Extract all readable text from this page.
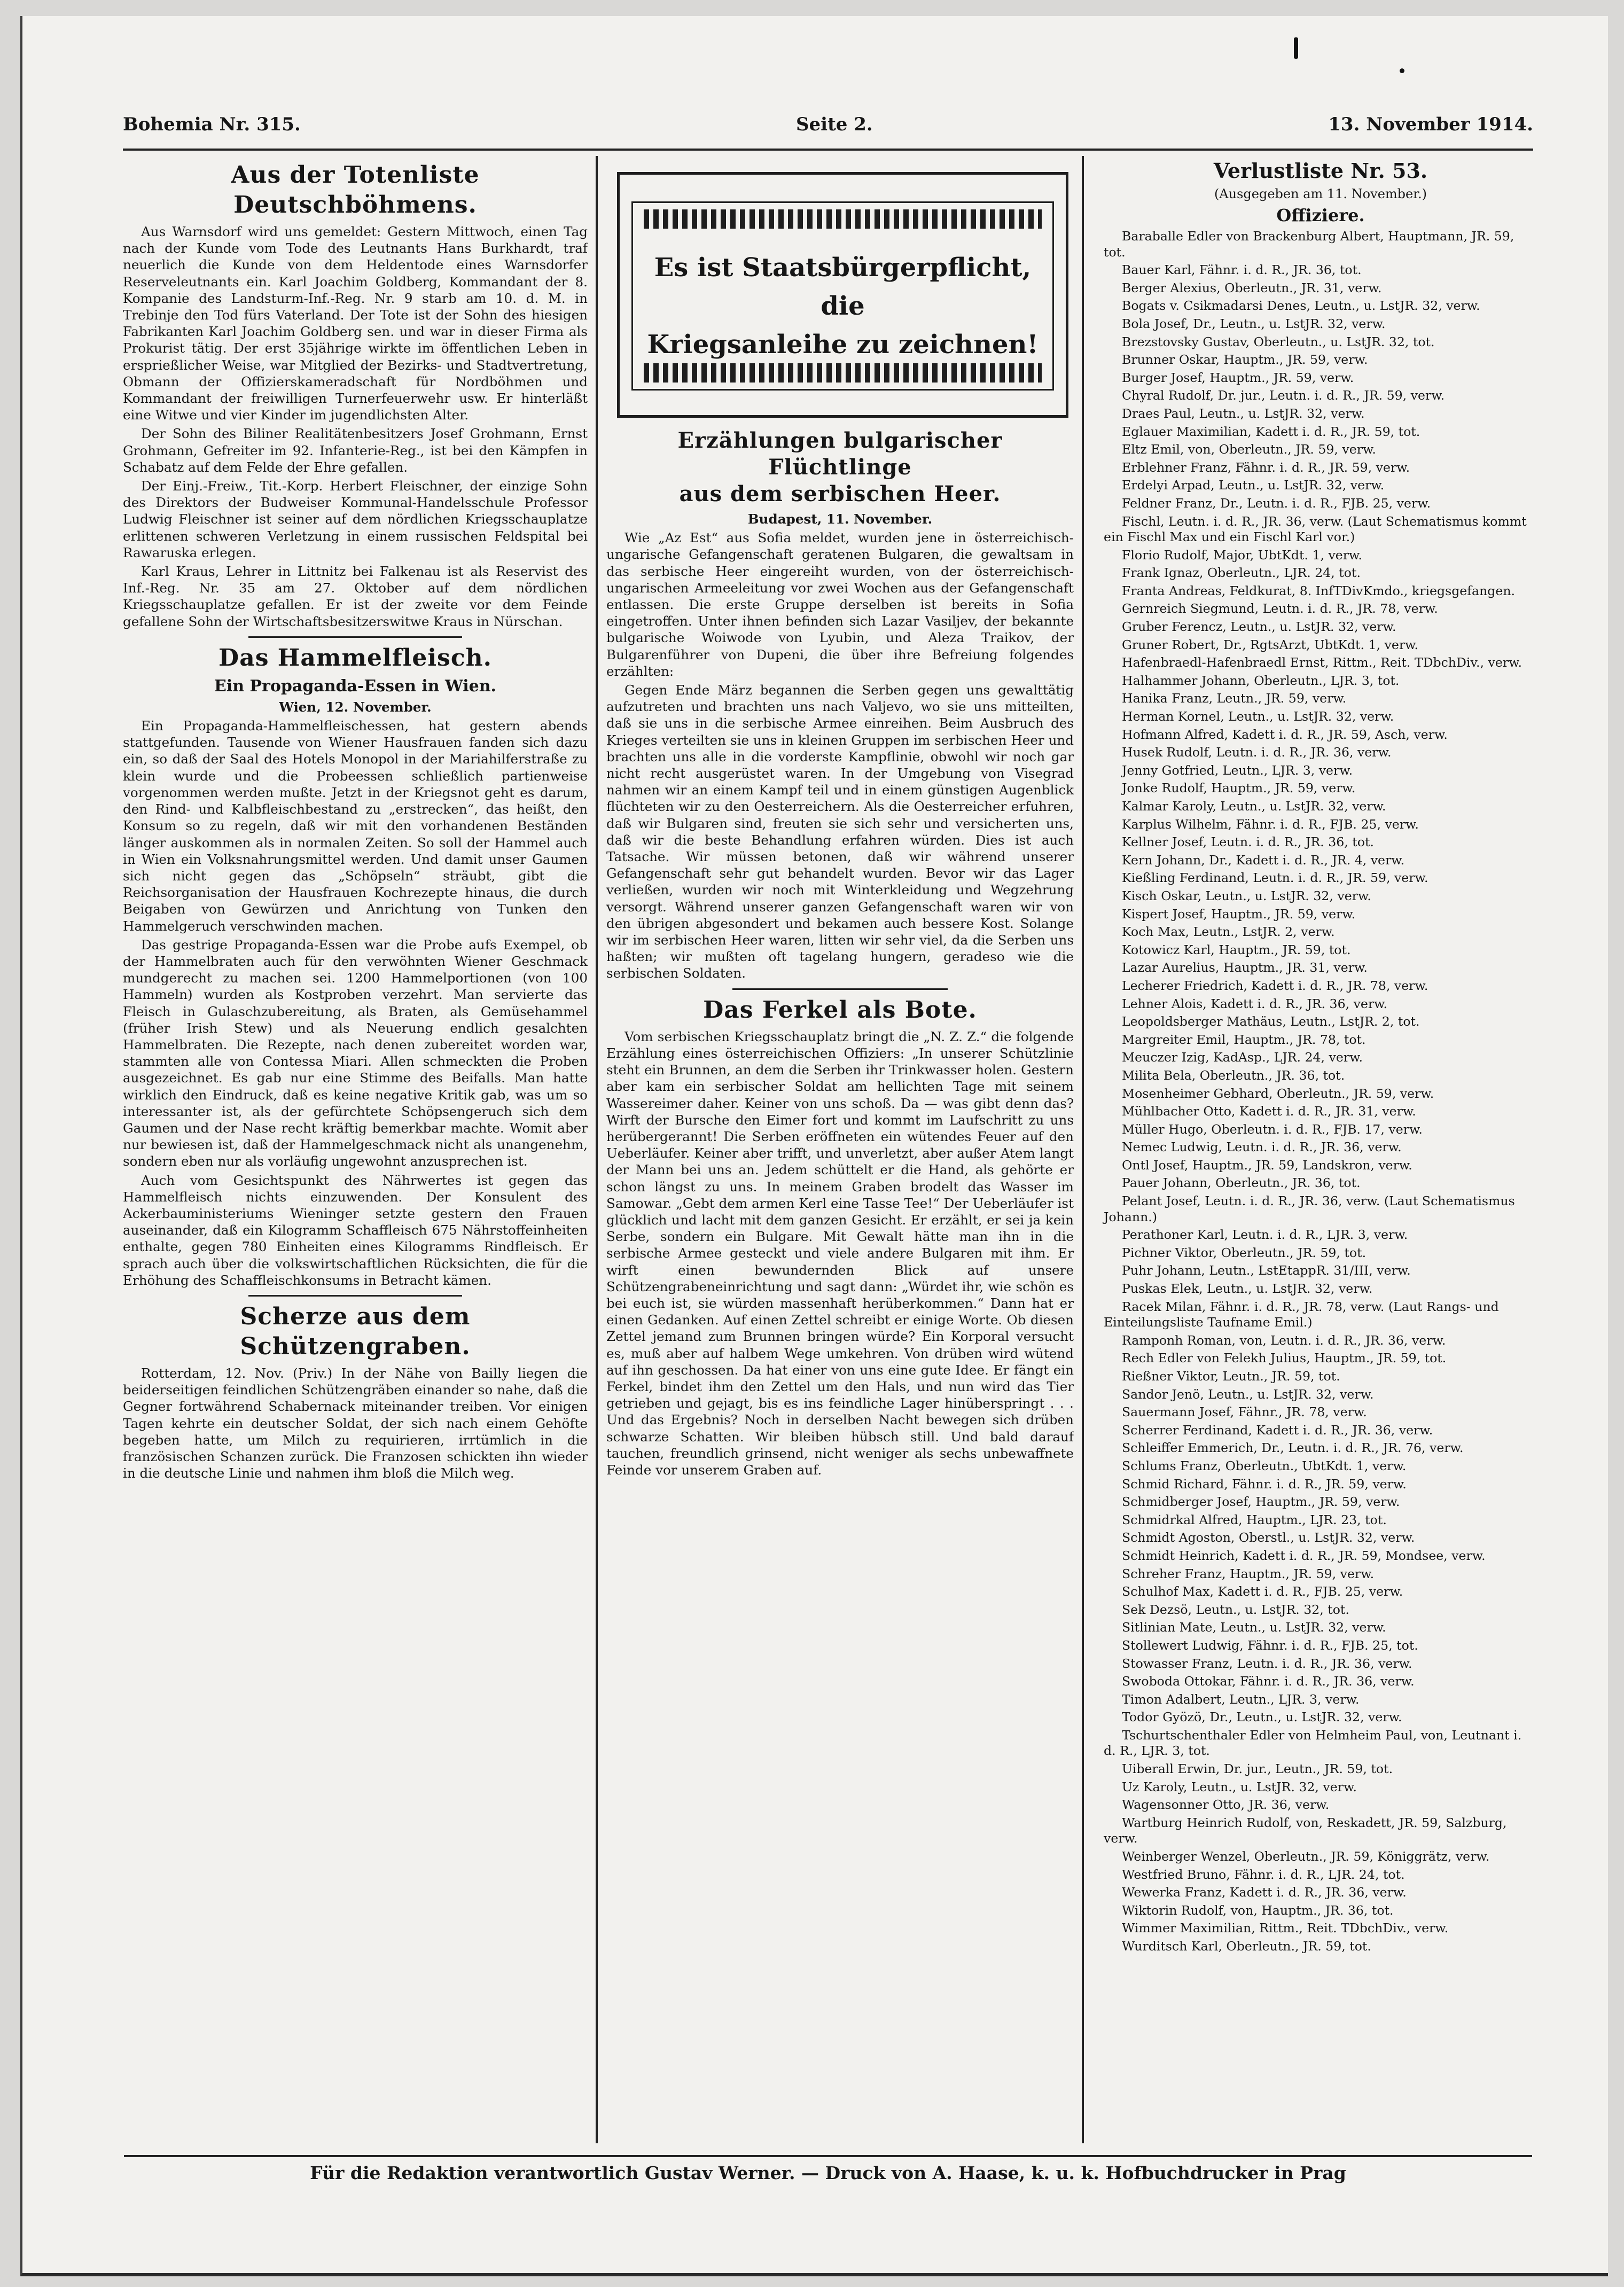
Bohemia Nr. 315.	Seite 2.	13. November 1914.
Aus der Totenliste Deutschböhmens.

Aus Warnsdorf wird uns gemeldet: Gestern Mittwoch, einen Tag nach der Kunde vom Tode des Leutnants Hans Burkhardt, traf neuerlich die Kunde von dem Heldentode eines Warnsdorfer Reserveleutnants ein. Karl Joachim Goldberg, Kommandant der 8. Kompanie des Landsturm-Inf.-Reg. Nr. 9 starb am 10. d. M. in Trebinje den Tod fürs Vaterland. Der Tote ist der Sohn des hiesigen Fabrikanten Karl Joachim Goldberg sen. und war in dieser Firma als Prokurist tätig. Der erst 35jährige wirkte im öffentlichen Leben in ersprießlicher Weise, war Mitglied der Bezirks- und Stadtvertretung, Obmann der Offizierskameradschaft für Nordböhmen und Kommandant der freiwilligen Turnerfeuerwehr usw. Er hinterläßt eine Witwe und vier Kinder im jugendlichsten Alter.

Der Sohn des Biliner Realitätenbesitzers Josef Grohmann, Ernst Grohmann, Gefreiter im 92. Infanterie-Reg., ist bei den Kämpfen in Schabatz auf dem Felde der Ehre gefallen.

Der Einj.-Freiw., Tit.-Korp. Herbert Fleischner, der einzige Sohn des Direktors der Budweiser Kommunal-Handelsschule Professor Ludwig Fleischner ist seiner auf dem nördlichen Kriegsschauplatze erlittenen schweren Verletzung in einem russischen Feldspital bei Rawaruska erlegen.

Karl Kraus, Lehrer in Littnitz bei Falkenau ist als Reservist des Inf.-Reg. Nr. 35 am 27. Oktober auf dem nördlichen Kriegsschauplatze gefallen. Er ist der zweite vor dem Feinde gefallene Sohn der Wirtschaftsbesitzerswitwe Kraus in Nürschan.

Das Hammelfleisch.
Ein Propaganda-Essen in Wien.

Wien, 12. November.

Ein Propaganda-Hammelfleischessen, hat gestern abends stattgefunden. Tausende von Wiener Hausfrauen fanden sich dazu ein, so daß der Saal des Hotels Monopol in der Mariahilferstraße zu klein wurde und die Probeessen schließlich partienweise vorgenommen werden mußte. Jetzt in der Kriegsnot geht es darum, den Rind- und Kalbfleischbestand zu „erstrecken“, das heißt, den Konsum so zu regeln, daß wir mit den vorhandenen Beständen länger auskommen als in normalen Zeiten. So soll der Hammel auch in Wien ein Volksnahrungsmittel werden. Und damit unser Gaumen sich nicht gegen das „Schöpseln“ sträubt, gibt die Reichsorganisation der Hausfrauen Kochrezepte hinaus, die durch Beigaben von Gewürzen und Anrichtung von Tunken den Hammelgeruch verschwinden machen.

Das gestrige Propaganda-Essen war die Probe aufs Exempel, ob der Hammelbraten auch für den verwöhnten Wiener Geschmack mundgerecht zu machen sei. 1200 Hammelportionen (von 100 Hammeln) wurden als Kostproben verzehrt. Man servierte das Fleisch in Gulaschzubereitung, als Braten, als Gemüsehammel (früher Irish Stew) und als Neuerung endlich gesalchten Hammelbraten. Die Rezepte, nach denen zubereitet worden war, stammten alle von Contessa Miari. Allen schmeckten die Proben ausgezeichnet. Es gab nur eine Stimme des Beifalls. Man hatte wirklich den Eindruck, daß es keine negative Kritik gab, was um so interessanter ist, als der gefürchtete Schöpsengeruch sich dem Gaumen und der Nase recht kräftig bemerkbar machte. Womit aber nur bewiesen ist, daß der Hammelgeschmack nicht als unangenehm, sondern eben nur als vorläufig ungewohnt anzusprechen ist.

Auch vom Gesichtspunkt des Nährwertes ist gegen das Hammelfleisch nichts einzuwenden. Der Konsulent des Ackerbauministeriums Wieninger setzte gestern den Frauen auseinander, daß ein Kilogramm Schaffleisch 675 Nährstoffeinheiten enthalte, gegen 780 Einheiten eines Kilogramms Rindfleisch. Er sprach auch über die volkswirtschaftlichen Rücksichten, die für die Erhöhung des Schaffleischkonsums in Betracht kämen.

Scherze aus dem Schützengraben.

Rotterdam, 12. Nov. (Priv.) In der Nähe von Bailly liegen die beiderseitigen feindlichen Schützengräben einander so nahe, daß die Gegner fortwährend Schabernack miteinander treiben. Vor einigen Tagen kehrte ein deutscher Soldat, der sich nach einem Gehöfte begeben hatte, um Milch zu requirieren, irrtümlich in die französischen Schanzen zurück. Die Franzosen schickten ihn wieder in die deutsche Linie und nahmen ihm bloß die Milch weg.

Es ist Staatsbürgerpflicht, die
Kriegsanleihe zu zeichnen!
Erzählungen bulgarischer Flüchtlinge
aus dem serbischen Heer.

Budapest, 11. November.

Wie „Az Est“ aus Sofia meldet, wurden jene in österreichisch-ungarische Gefangenschaft geratenen Bulgaren, die gewaltsam in das serbische Heer eingereiht wurden, von der österreichisch-ungarischen Armeeleitung vor zwei Wochen aus der Gefangenschaft entlassen. Die erste Gruppe derselben ist bereits in Sofia eingetroffen. Unter ihnen befinden sich Lazar Vasiljev, der bekannte bulgarische Woiwode von Lyubin, und Aleza Traikov, der Bulgarenführer von Dupeni, die über ihre Befreiung folgendes erzählten:

Gegen Ende März begannen die Serben gegen uns gewalttätig aufzutreten und brachten uns nach Valjevo, wo sie uns mitteilten, daß sie uns in die serbische Armee einreihen. Beim Ausbruch des Krieges verteilten sie uns in kleinen Gruppen im serbischen Heer und brachten uns alle in die vorderste Kampflinie, obwohl wir noch gar nicht recht ausgerüstet waren. In der Umgebung von Visegrad nahmen wir an einem Kampf teil und in einem günstigen Augenblick flüchteten wir zu den Oesterreichern. Als die Oesterreicher erfuhren, daß wir Bulgaren sind, freuten sie sich sehr und versicherten uns, daß wir die beste Behandlung erfahren würden. Dies ist auch Tatsache. Wir müssen betonen, daß wir während unserer Gefangenschaft sehr gut behandelt wurden. Bevor wir das Lager verließen, wurden wir noch mit Winterkleidung und Wegzehrung versorgt. Während unserer ganzen Gefangenschaft waren wir von den übrigen abgesondert und bekamen auch bessere Kost. Solange wir im serbischen Heer waren, litten wir sehr viel, da die Serben uns haßten; wir mußten oft tagelang hungern, geradeso wie die serbischen Soldaten.

Das Ferkel als Bote.

Vom serbischen Kriegsschauplatz bringt die „N. Z. Z.“ die folgende Erzählung eines österreichischen Offiziers: „In unserer Schützlinie steht ein Brunnen, an dem die Serben ihr Trinkwasser holen. Gestern aber kam ein serbischer Soldat am hellichten Tage mit seinem Wassereimer daher. Keiner von uns schoß. Da — was gibt denn das? Wirft der Bursche den Eimer fort und kommt im Laufschritt zu uns herübergerannt! Die Serben eröffneten ein wütendes Feuer auf den Ueberläufer. Keiner aber trifft, und unverletzt, aber außer Atem langt der Mann bei uns an. Jedem schüttelt er die Hand, als gehörte er schon längst zu uns. In meinem Graben brodelt das Wasser im Samowar. „Gebt dem armen Kerl eine Tasse Tee!“ Der Ueberläufer ist glücklich und lacht mit dem ganzen Gesicht. Er erzählt, er sei ja kein Serbe, sondern ein Bulgare. Mit Gewalt hätte man ihn in die serbische Armee gesteckt und viele andere Bulgaren mit ihm. Er wirft einen bewundernden Blick auf unsere Schützengrabeneinrichtung und sagt dann: „Würdet ihr, wie schön es bei euch ist, sie würden massenhaft herüberkommen.“ Dann hat er einen Gedanken. Auf einen Zettel schreibt er einige Worte. Ob diesen Zettel jemand zum Brunnen bringen würde? Ein Korporal versucht es, muß aber auf halbem Wege umkehren. Von drüben wird wütend auf ihn geschossen. Da hat einer von uns eine gute Idee. Er fängt ein Ferkel, bindet ihm den Zettel um den Hals, und nun wird das Tier getrieben und gejagt, bis es ins feindliche Lager hinüberspringt . . . Und das Ergebnis? Noch in derselben Nacht bewegen sich drüben schwarze Schatten. Wir bleiben hübsch still. Und bald darauf tauchen, freundlich grinsend, nicht weniger als sechs unbewaffnete Feinde vor unserem Graben auf.

Verlustliste Nr. 53.

(Ausgegeben am 11. November.)

Offiziere.

Baraballe Edler von Brackenburg Albert, Hauptmann, JR. 59, tot.

Bauer Karl, Fähnr. i. d. R., JR. 36, tot.

Berger Alexius, Oberleutn., JR. 31, verw.

Bogats v. Csikmadarsi Denes, Leutn., u. LstJR. 32, verw.

Bola Josef, Dr., Leutn., u. LstJR. 32, verw.

Brezstovsky Gustav, Oberleutn., u. LstJR. 32, tot.

Brunner Oskar, Hauptm., JR. 59, verw.

Burger Josef, Hauptm., JR. 59, verw.

Chyral Rudolf, Dr. jur., Leutn. i. d. R., JR. 59, verw.

Draes Paul, Leutn., u. LstJR. 32, verw.

Eglauer Maximilian, Kadett i. d. R., JR. 59, tot.

Eltz Emil, von, Oberleutn., JR. 59, verw.

Erblehner Franz, Fähnr. i. d. R., JR. 59, verw.

Erdelyi Arpad, Leutn., u. LstJR. 32, verw.

Feldner Franz, Dr., Leutn. i. d. R., FJB. 25, verw.

Fischl, Leutn. i. d. R., JR. 36, verw. (Laut Schematismus kommt ein Fischl Max und ein Fischl Karl vor.)

Florio Rudolf, Major, UbtKdt. 1, verw.

Frank Ignaz, Oberleutn., LJR. 24, tot.

Franta Andreas, Feldkurat, 8. InfTDivKmdo., kriegsgefangen.

Gernreich Siegmund, Leutn. i. d. R., JR. 78, verw.

Gruber Ferencz, Leutn., u. LstJR. 32, verw.

Gruner Robert, Dr., RgtsArzt, UbtKdt. 1, verw.

Hafenbraedl-Hafenbraedl Ernst, Rittm., Reit. TDbchDiv., verw.

Halhammer Johann, Oberleutn., LJR. 3, tot.

Hanika Franz, Leutn., JR. 59, verw.

Herman Kornel, Leutn., u. LstJR. 32, verw.

Hofmann Alfred, Kadett i. d. R., JR. 59, Asch, verw.

Husek Rudolf, Leutn. i. d. R., JR. 36, verw.

Jenny Gotfried, Leutn., LJR. 3, verw.

Jonke Rudolf, Hauptm., JR. 59, verw.

Kalmar Karoly, Leutn., u. LstJR. 32, verw.

Karplus Wilhelm, Fähnr. i. d. R., FJB. 25, verw.

Kellner Josef, Leutn. i. d. R., JR. 36, tot.

Kern Johann, Dr., Kadett i. d. R., JR. 4, verw.

Kießling Ferdinand, Leutn. i. d. R., JR. 59, verw.

Kisch Oskar, Leutn., u. LstJR. 32, verw.

Kispert Josef, Hauptm., JR. 59, verw.

Koch Max, Leutn., LstJR. 2, verw.

Kotowicz Karl, Hauptm., JR. 59, tot.

Lazar Aurelius, Hauptm., JR. 31, verw.

Lecherer Friedrich, Kadett i. d. R., JR. 78, verw.

Lehner Alois, Kadett i. d. R., JR. 36, verw.

Leopoldsberger Mathäus, Leutn., LstJR. 2, tot.

Margreiter Emil, Hauptm., JR. 78, tot.

Meuczer Izig, KadAsp., LJR. 24, verw.

Milita Bela, Oberleutn., JR. 36, tot.

Mosenheimer Gebhard, Oberleutn., JR. 59, verw.

Mühlbacher Otto, Kadett i. d. R., JR. 31, verw.

Müller Hugo, Oberleutn. i. d. R., FJB. 17, verw.

Nemec Ludwig, Leutn. i. d. R., JR. 36, verw.

Ontl Josef, Hauptm., JR. 59, Landskron, verw.

Pauer Johann, Oberleutn., JR. 36, tot.

Pelant Josef, Leutn. i. d. R., JR. 36, verw. (Laut Schematismus Johann.)

Perathoner Karl, Leutn. i. d. R., LJR. 3, verw.

Pichner Viktor, Oberleutn., JR. 59, tot.

Puhr Johann, Leutn., LstEtappR. 31/III, verw.

Puskas Elek, Leutn., u. LstJR. 32, verw.

Racek Milan, Fähnr. i. d. R., JR. 78, verw. (Laut Rangs- und Einteilungsliste Taufname Emil.)

Ramponh Roman, von, Leutn. i. d. R., JR. 36, verw.

Rech Edler von Felekh Julius, Hauptm., JR. 59, tot.

Rießner Viktor, Leutn., JR. 59, tot.

Sandor Jenö, Leutn., u. LstJR. 32, verw.

Sauermann Josef, Fähnr., JR. 78, verw.

Scherrer Ferdinand, Kadett i. d. R., JR. 36, verw.

Schleiffer Emmerich, Dr., Leutn. i. d. R., JR. 76, verw.

Schlums Franz, Oberleutn., UbtKdt. 1, verw.

Schmid Richard, Fähnr. i. d. R., JR. 59, verw.

Schmidberger Josef, Hauptm., JR. 59, verw.

Schmidrkal Alfred, Hauptm., LJR. 23, tot.

Schmidt Agoston, Oberstl., u. LstJR. 32, verw.

Schmidt Heinrich, Kadett i. d. R., JR. 59, Mondsee, verw.

Schreher Franz, Hauptm., JR. 59, verw.

Schulhof Max, Kadett i. d. R., FJB. 25, verw.

Sek Dezsö, Leutn., u. LstJR. 32, tot.

Sitlinian Mate, Leutn., u. LstJR. 32, verw.

Stollewert Ludwig, Fähnr. i. d. R., FJB. 25, tot.

Stowasser Franz, Leutn. i. d. R., JR. 36, verw.

Swoboda Ottokar, Fähnr. i. d. R., JR. 36, verw.

Timon Adalbert, Leutn., LJR. 3, verw.

Todor Gyözö, Dr., Leutn., u. LstJR. 32, verw.

Tschurtschenthaler Edler von Helmheim Paul, von, Leutnant i. d. R., LJR. 3, tot.

Uiberall Erwin, Dr. jur., Leutn., JR. 59, tot.

Uz Karoly, Leutn., u. LstJR. 32, verw.

Wagensonner Otto, JR. 36, verw.

Wartburg Heinrich Rudolf, von, Reskadett, JR. 59, Salzburg, verw.

Weinberger Wenzel, Oberleutn., JR. 59, Königgrätz, verw.

Westfried Bruno, Fähnr. i. d. R., LJR. 24, tot.

Wewerka Franz, Kadett i. d. R., JR. 36, verw.

Wiktorin Rudolf, von, Hauptm., JR. 36, tot.

Wimmer Maximilian, Rittm., Reit. TDbchDiv., verw.

Wurditsch Karl, Oberleutn., JR. 59, tot.

Für die Redaktion verantwortlich Gustav Werner. — Druck von A. Haase, k. u. k. Hofbuchdrucker in Prag
